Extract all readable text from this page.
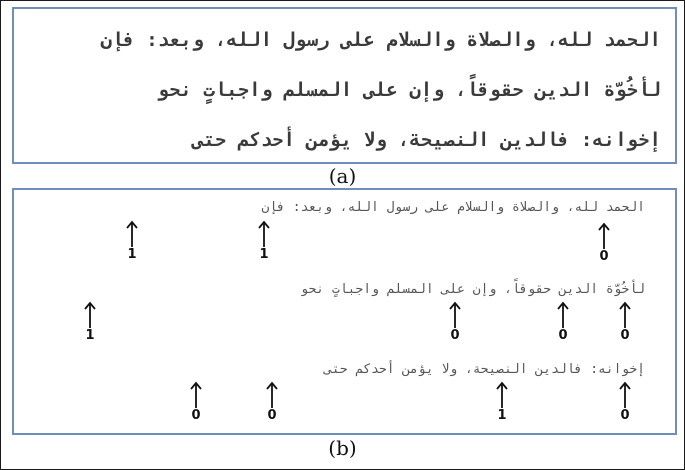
الحمد لله، والصلاة والسلام على رسول الله، وبعد: فإن
لأخُوّة الدين حقوقاً، وإن على المسلم واجباتٍ نحو
إخوانه: فالدين النصيحة، ولا يؤمن أحدكم حتى
(a)
الحمد لله، والصلاة والسلام على رسول الله، وبعد: فإن
لأخُوّة الدين حقوقاً، وإن على المسلم واجباتٍ نحو
إخوانه: فالدين النصيحة، ولا يؤمن أحدكم حتى
1	1	0
1	0	0	0
0	0	1	0
(b)
